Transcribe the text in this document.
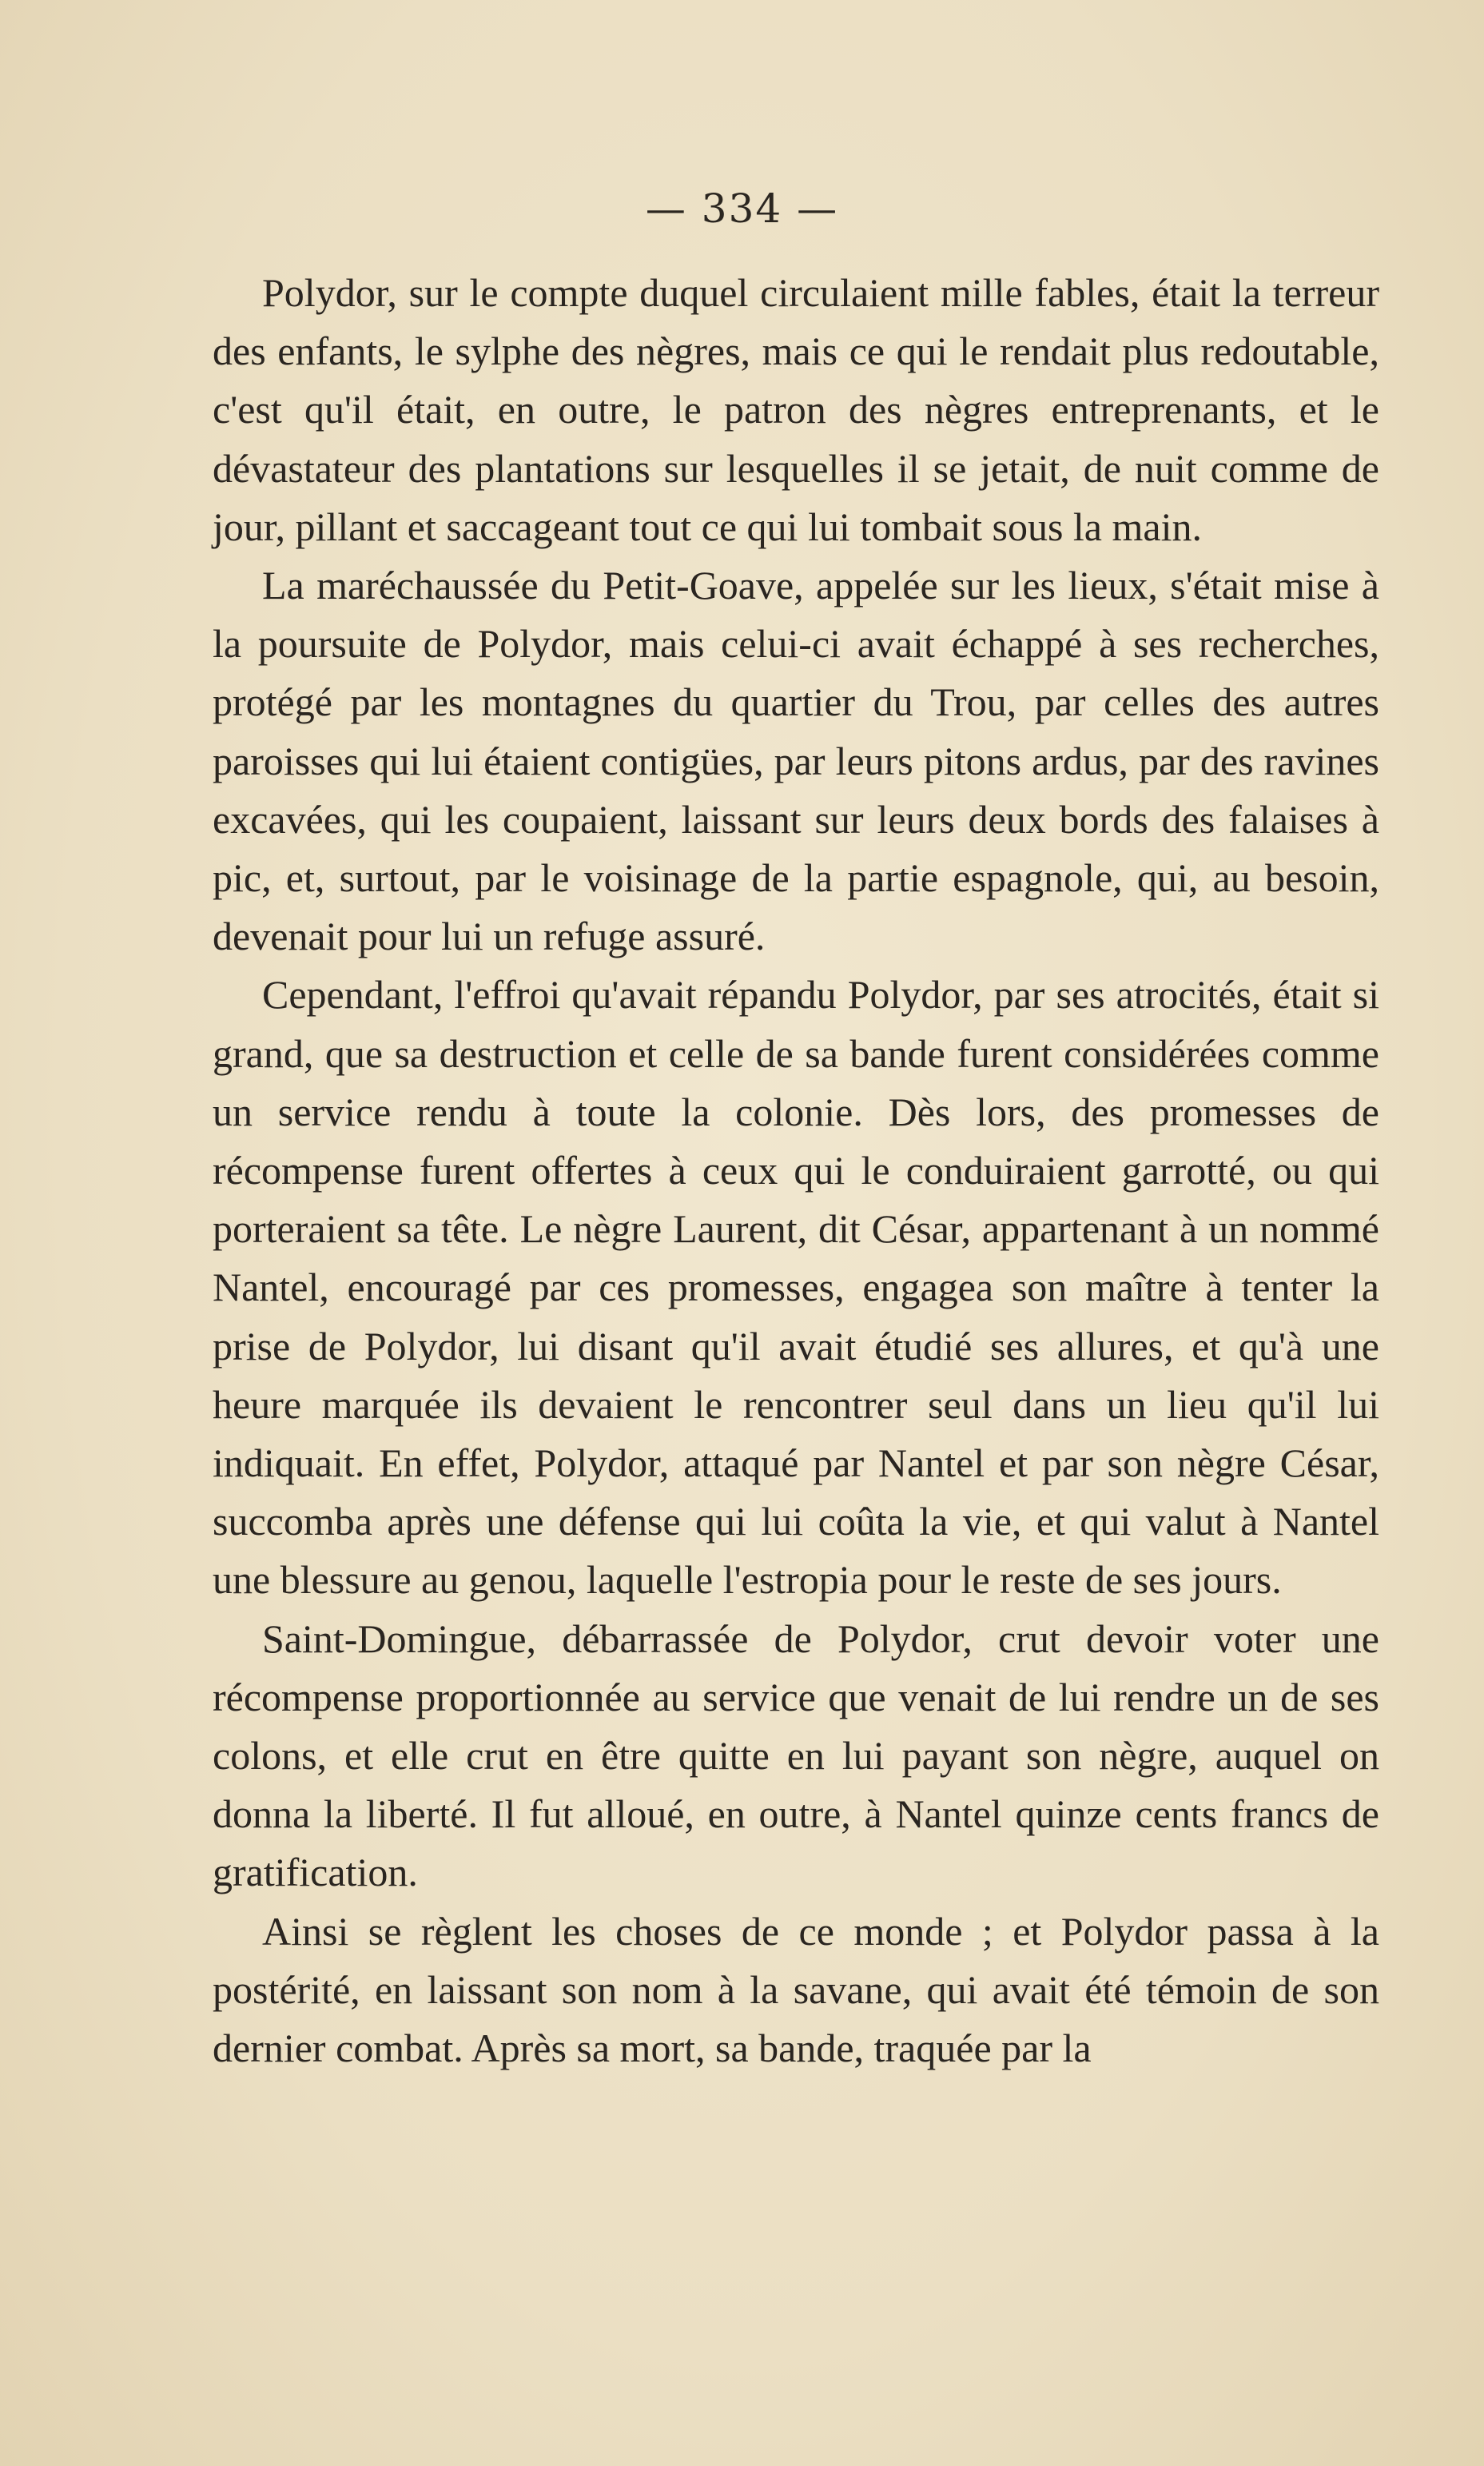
— 334 —

Polydor, sur le compte duquel circulaient mille fables, était la terreur des enfants, le sylphe des nègres, mais ce qui le rendait plus redoutable, c'est qu'il était, en outre, le patron des nègres entreprenants, et le dévastateur des plantations sur lesquelles il se jetait, de nuit comme de jour, pillant et saccageant tout ce qui lui tombait sous la main.

La maréchaussée du Petit-Goave, appelée sur les lieux, s'était mise à la poursuite de Polydor, mais celui-ci avait échappé à ses recherches, protégé par les montagnes du quartier du Trou, par celles des autres paroisses qui lui étaient contigües, par leurs pitons ardus, par des ravines excavées, qui les coupaient, laissant sur leurs deux bords des falaises à pic, et, surtout, par le voisinage de la partie espagnole, qui, au besoin, devenait pour lui un refuge assuré.

Cependant, l'effroi qu'avait répandu Polydor, par ses atrocités, était si grand, que sa destruction et celle de sa bande furent considérées comme un service rendu à toute la colonie. Dès lors, des promesses de récompense furent offertes à ceux qui le conduiraient garrotté, ou qui porteraient sa tête. Le nègre Laurent, dit César, appartenant à un nommé Nantel, encouragé par ces promesses, engagea son maître à tenter la prise de Polydor, lui disant qu'il avait étudié ses allures, et qu'à une heure marquée ils devaient le rencontrer seul dans un lieu qu'il lui indiquait. En effet, Polydor, attaqué par Nantel et par son nègre César, succomba après une défense qui lui coûta la vie, et qui valut à Nantel une blessure au genou, laquelle l'estropia pour le reste de ses jours.

Saint-Domingue, débarrassée de Polydor, crut devoir voter une récompense proportionnée au service que venait de lui rendre un de ses colons, et elle crut en être quitte en lui payant son nègre, auquel on donna la liberté. Il fut alloué, en outre, à Nantel quinze cents francs de gratification.

Ainsi se règlent les choses de ce monde ; et Polydor passa à la postérité, en laissant son nom à la savane, qui avait été témoin de son dernier combat. Après sa mort, sa bande, traquée par la
